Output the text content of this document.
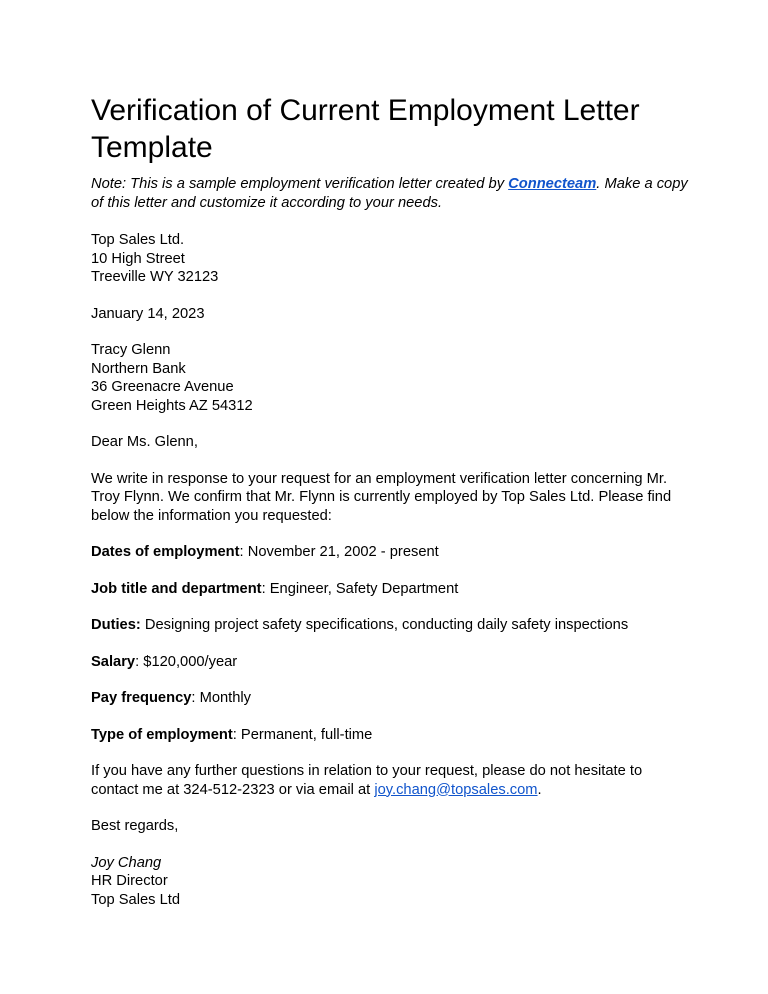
Verification of Current Employment Letter Template

Note: This is a sample employment verification letter created by Connecteam. Make a copy of this letter and customize it according to your needs.

Top Sales Ltd.
10 High Street
Treeville WY 32123
January 14, 2023
Tracy Glenn
Northern Bank
36 Greenacre Avenue
Green Heights AZ 54312

Dear Ms. Glenn,

We write in response to your request for an employment verification letter concerning Mr. Troy Flynn. We confirm that Mr. Flynn is currently employed by Top Sales Ltd. Please find below the information you requested:

Dates of employment: November 21, 2002 - present

Job title and department: Engineer, Safety Department

Duties: Designing project safety specifications, conducting daily safety inspections

Salary: $120,000/year

Pay frequency: Monthly

Type of employment: Permanent, full-time

If you have any further questions in relation to your request, please do not hesitate to contact me at 324-512-2323 or via email at joy.chang@topsales.com.

Best regards,

Joy Chang
HR Director
Top Sales Ltd
